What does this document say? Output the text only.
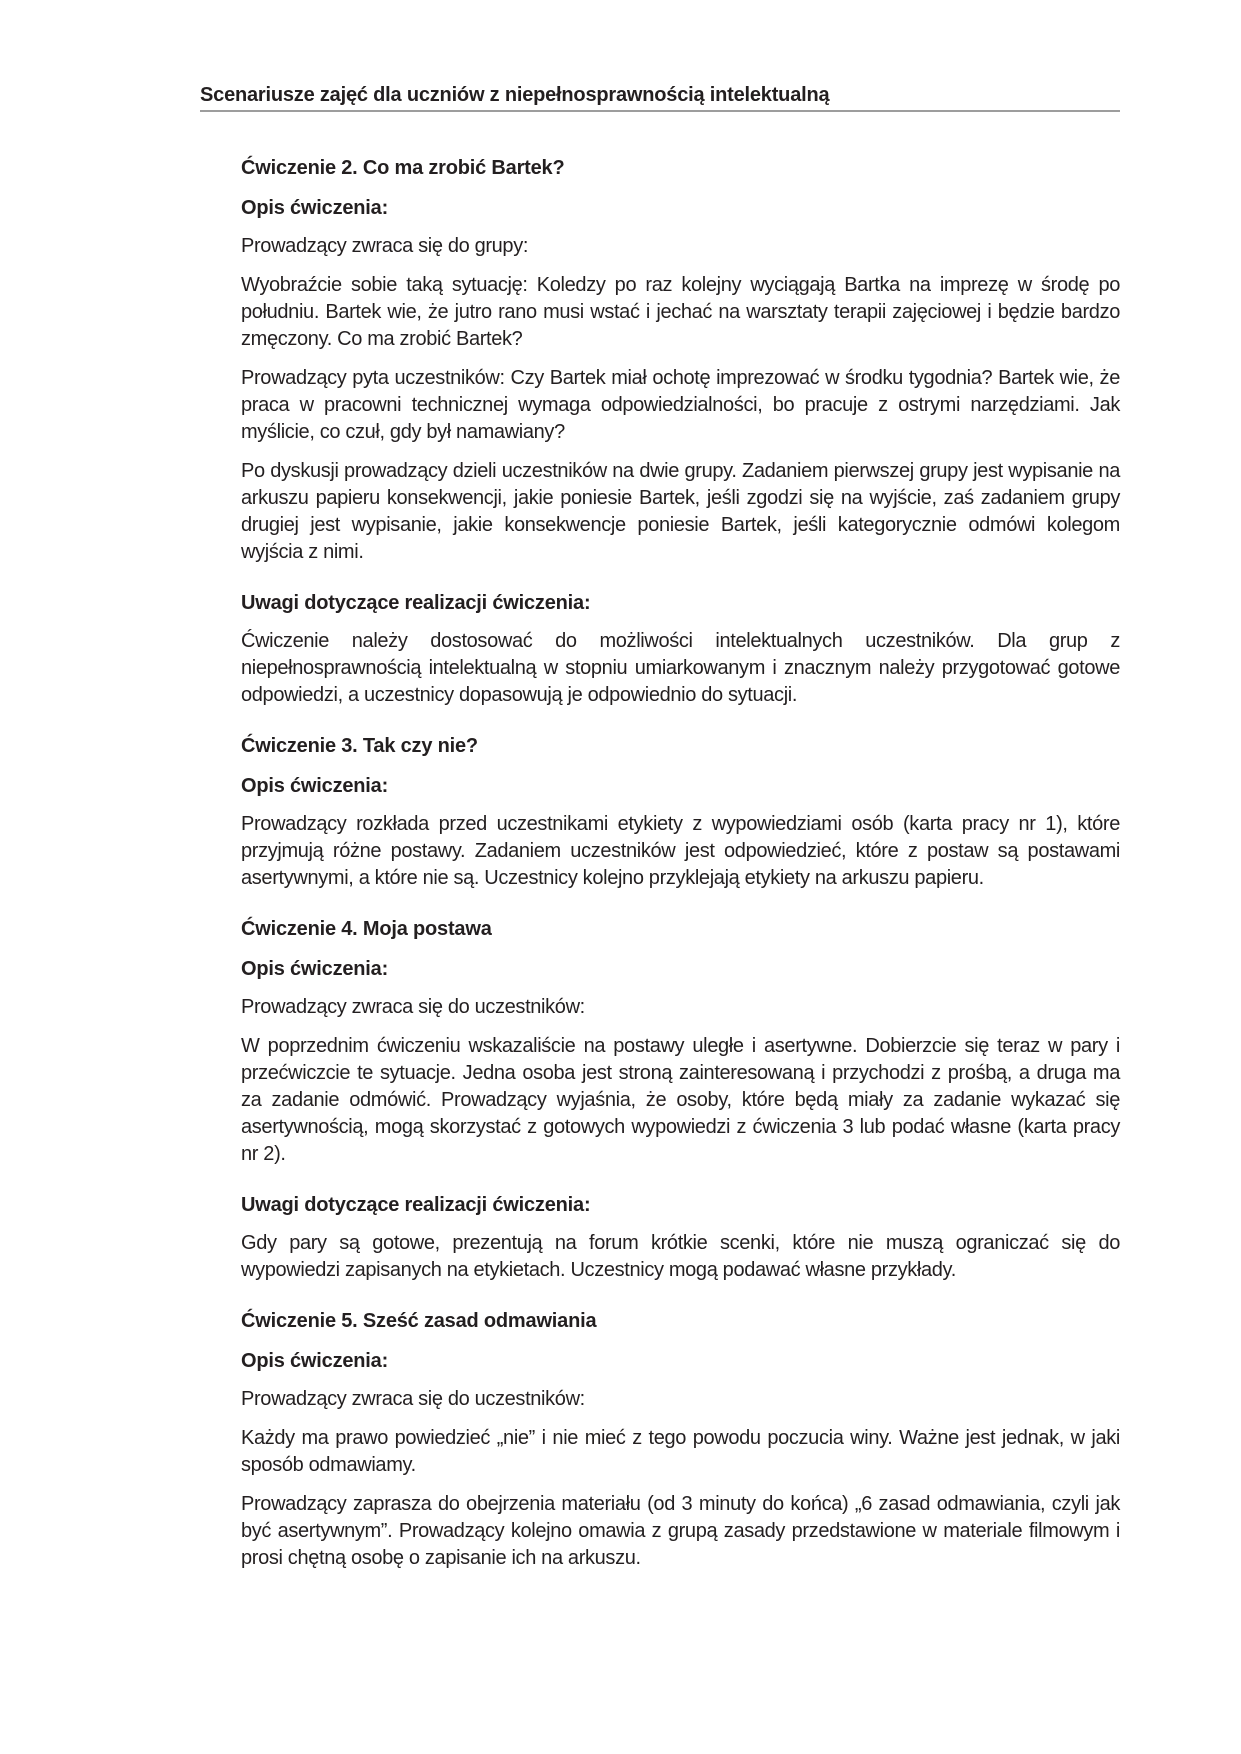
Scenariusze zajęć dla uczniów z niepełnosprawnością intelektualną
Ćwiczenie 2. Co ma zrobić Bartek?
Opis ćwiczenia:

Prowadzący zwraca się do grupy:

Wyobraźcie sobie taką sytuację: Koledzy po raz kolejny wyciągają Bartka na imprezę w środę po południu. Bartek wie, że jutro rano musi wstać i jechać na warsztaty terapii zajęciowej i będzie bardzo zmęczony. Co ma zrobić Bartek?

Prowadzący pyta uczestników: Czy Bartek miał ochotę imprezować w środku tygodnia? Bartek wie, że praca w pracowni technicznej wymaga odpowiedzialności, bo pracuje z ostrymi narzędziami. Jak myślicie, co czuł, gdy był namawiany?

Po dyskusji prowadzący dzieli uczestników na dwie grupy. Zadaniem pierwszej grupy jest wypisanie na arkuszu papieru konsekwencji, jakie poniesie Bartek, jeśli zgodzi się na wyjście, zaś zadaniem grupy drugiej jest wypisanie, jakie konsekwencje poniesie Bartek, jeśli kategorycznie odmówi kolegom wyjścia z nimi.

Uwagi dotyczące realizacji ćwiczenia:

Ćwiczenie należy dostosować do możliwości intelektualnych uczestników. Dla grup z niepełnosprawnością intelektualną w stopniu umiarkowanym i znacznym należy przygotować gotowe odpowiedzi, a uczestnicy dopasowują je odpowiednio do sytuacji.

Ćwiczenie 3. Tak czy nie?
Opis ćwiczenia:

Prowadzący rozkłada przed uczestnikami etykiety z wypowiedziami osób (karta pracy nr 1), które przyjmują różne postawy. Zadaniem uczestników jest odpowiedzieć, które z postaw są postawami asertywnymi, a które nie są. Uczestnicy kolejno przyklejają etykiety na arkuszu papieru.

Ćwiczenie 4. Moja postawa
Opis ćwiczenia:

Prowadzący zwraca się do uczestników:

W poprzednim ćwiczeniu wskazaliście na postawy uległe i asertywne. Dobierzcie się teraz w pary i przećwiczcie te sytuacje. Jedna osoba jest stroną zainteresowaną i przychodzi z prośbą, a druga ma za zadanie odmówić. Prowadzący wyjaśnia, że osoby, które będą miały za zadanie wykazać się asertywnością, mogą skorzystać z gotowych wypowiedzi z ćwiczenia 3 lub podać własne (karta pracy nr 2).

Uwagi dotyczące realizacji ćwiczenia:

Gdy pary są gotowe, prezentują na forum krótkie scenki, które nie muszą ograniczać się do wypowiedzi zapisanych na etykietach. Uczestnicy mogą podawać własne przykłady.

Ćwiczenie 5. Sześć zasad odmawiania
Opis ćwiczenia:

Prowadzący zwraca się do uczestników:

Każdy ma prawo powiedzieć „nie” i nie mieć z tego powodu poczucia winy. Ważne jest jednak, w jaki sposób odmawiamy.

Prowadzący zaprasza do obejrzenia materiału (od 3 minuty do końca) „6 zasad odmawiania, czyli jak być asertywnym”. Prowadzący kolejno omawia z grupą zasady przedstawione w materiale filmowym i prosi chętną osobę o zapisanie ich na arkuszu.
